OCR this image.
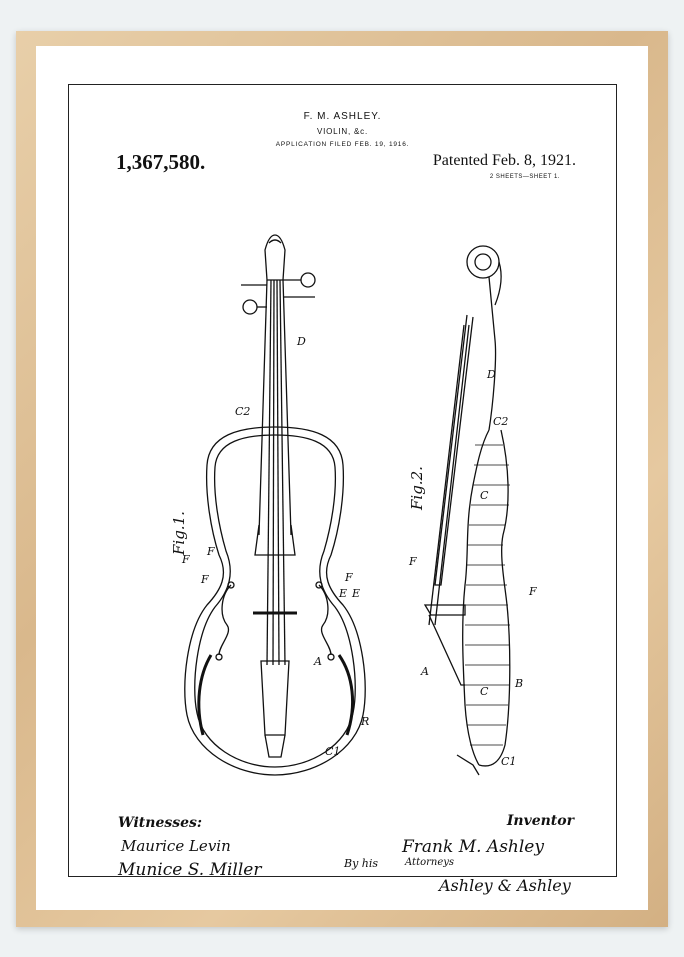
F. M. ASHLEY.
VIOLIN, &c.
APPLICATION FILED FEB. 19, 1916.
1,367,580.	Patented Feb. 8, 1921.
2 SHEETS—SHEET 1.
Fig.1.
Fig.2.
D
C2
F
F	F
E E
F
A
R
C1
D
C2
C
F
F
A
B
C
C1
Witnesses:
Maurice Levin
Munice S. Miller
Inventor
Frank M. Ashley
By his	Attorneys
Ashley & Ashley
